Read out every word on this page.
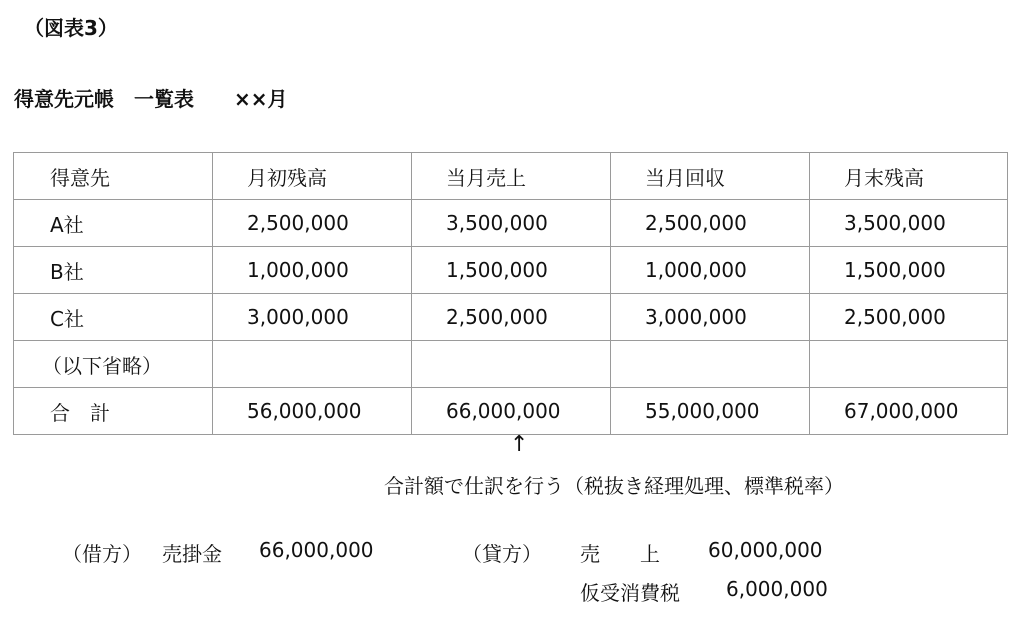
（図表3）
得意先元帳　一覧表　　××月
得意先	月初残高	当月売上	当月回収	月末残高
A社	2,500,000	3,500,000	2,500,000	3,500,000
B社	1,000,000	1,500,000	1,000,000	1,500,000
C社	3,000,000	2,500,000	3,000,000	2,500,000
（以下省略）				
合　計	56,000,000	66,000,000	55,000,000	67,000,000
↑
合計額で仕訳を行う（税抜き経理処理、標準税率）
（借方） 売掛金 66,000,000	（貸方） 売　　上 60,000,000
仮受消費税 6,000,000
